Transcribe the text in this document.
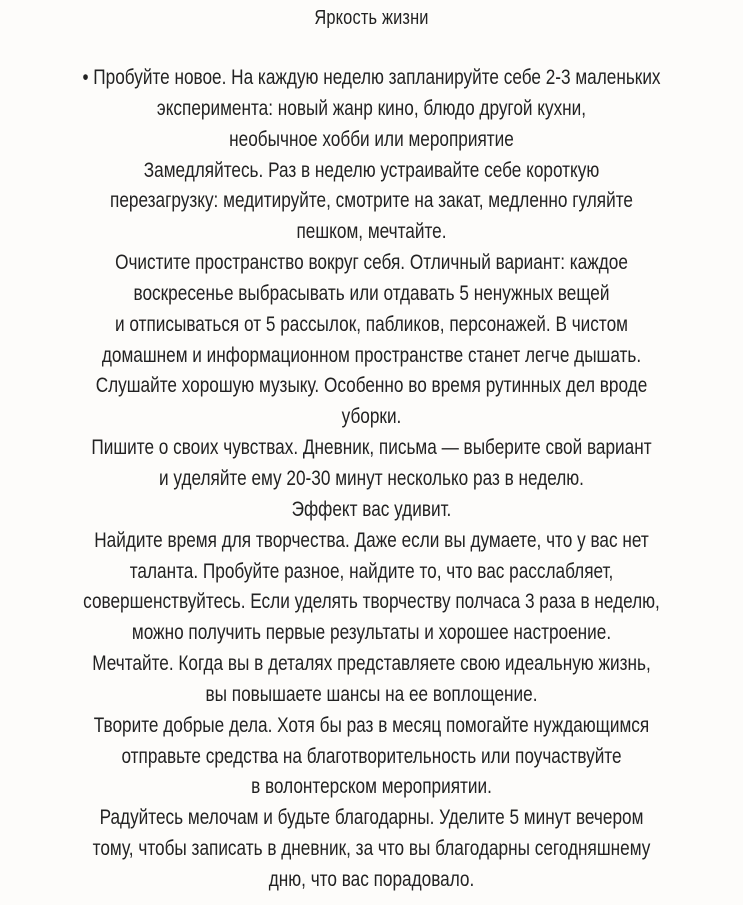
Яркость жизни
• Пробуйте новое. На каждую неделю запланируйте себе 2-3 маленьких
эксперимента: новый жанр кино, блюдо другой кухни,
необычное хобби или мероприятие
Замедляйтесь. Раз в неделю устраивайте себе короткую
перезагрузку: медитируйте, смотрите на закат, медленно гуляйте
пешком, мечтайте.
Очистите пространство вокруг себя. Отличный вариант: каждое
воскресенье выбрасывать или отдавать 5 ненужных вещей
и отписываться от 5 рассылок, пабликов, персонажей. В чистом
домашнем и информационном пространстве станет легче дышать.
Слушайте хорошую музыку. Особенно во время рутинных дел вроде
уборки.
Пишите о своих чувствах. Дневник, письма — выберите свой вариант
и уделяйте ему 20-30 минут несколько раз в неделю.
Эффект вас удивит.
Найдите время для творчества. Даже если вы думаете, что у вас нет
таланта. Пробуйте разное, найдите то, что вас расслабляет,
совершенствуйтесь. Если уделять творчеству полчаса 3 раза в неделю,
можно получить первые результаты и хорошее настроение.
Мечтайте. Когда вы в деталях представляете свою идеальную жизнь,
вы повышаете шансы на ее воплощение.
Творите добрые дела. Хотя бы раз в месяц помогайте нуждающимся
отправьте средства на благотворительность или поучаствуйте
в волонтерском мероприятии.
Радуйтесь мелочам и будьте благодарны. Уделите 5 минут вечером
тому, чтобы записать в дневник, за что вы благодарны сегодняшнему
дню, что вас порадовало.
